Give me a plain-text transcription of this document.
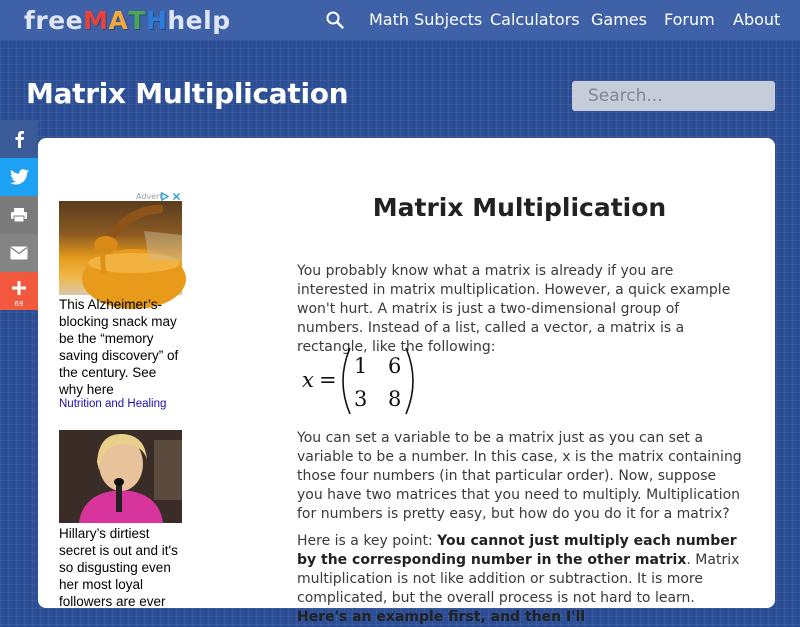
freeMATHhelp	Math Subjects Calculators Games Forum About
Matrix Multiplication
Search...
69
Advert
This Alzheimer’s-blocking snack may be the “memory saving discovery” of the century. See why here
Nutrition and Healing
Hillary’s dirtiest secret is out and it's so disgusting even her most loyal followers are ever
Matrix Multiplication

You probably know what a matrix is already if you are interested in matrix multiplication. However, a quick example won't hurt. A matrix is just a two-dimensional group of numbers. Instead of a list, called a vector, a matrix is a rectangle, like the following:

x =
1 6
3 8

You can set a variable to be a matrix just as you can set a variable to be a number. In this case, x is the matrix containing those four numbers (in that particular order). Now, suppose you have two matrices that you need to multiply. Multiplication for numbers is pretty easy, but how do you do it for a matrix?

Here is a key point: You cannot just multiply each number by the corresponding number in the other matrix. Matrix multiplication is not like addition or subtraction. It is more complicated, but the overall process is not hard to learn. Here's an example first, and then I'll
